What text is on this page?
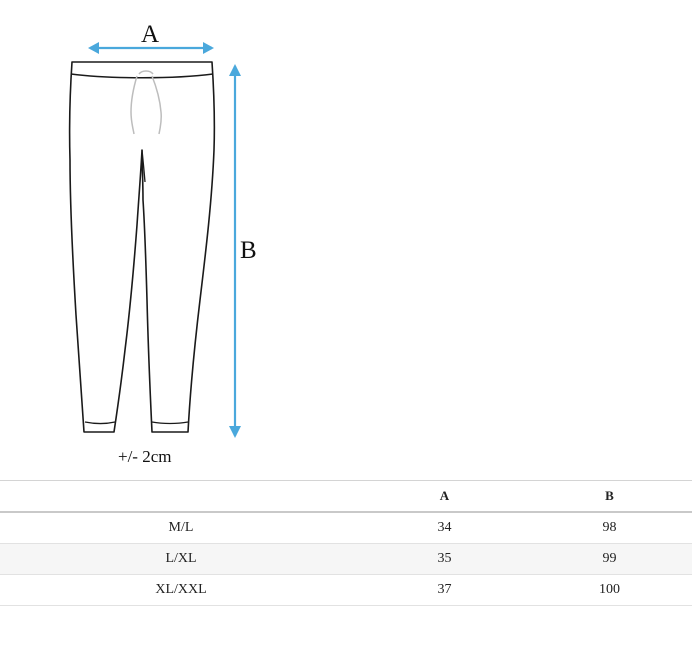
A
B
+/- 2cm
	A	B
M/L	34	98
L/XL	35	99
XL/XXL	37	100
